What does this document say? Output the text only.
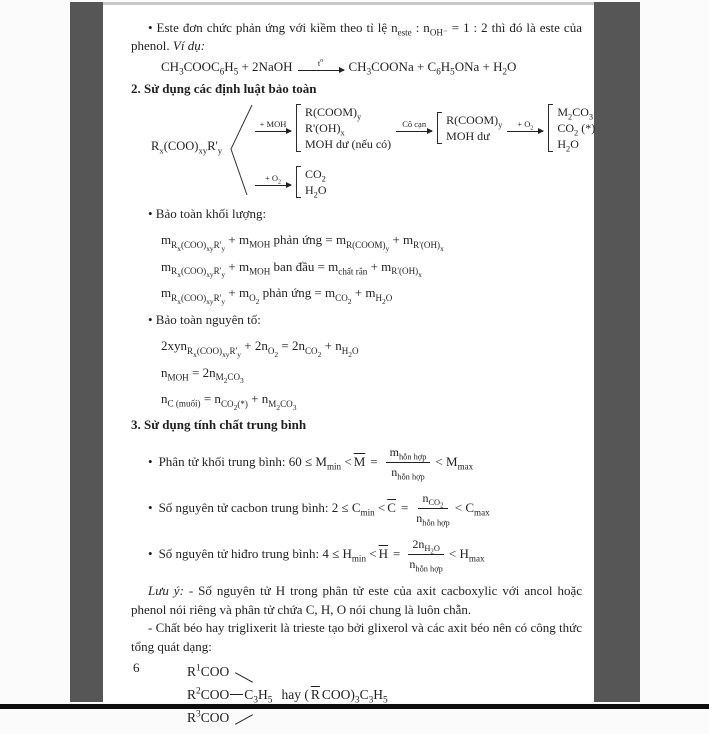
• Este đơn chức phản ứng với kiềm theo tỉ lệ $n_{este}$ : $n_{OH^-} = 1$ : 2 thì đó là este của phenol. Ví dụ:

$CH_3COOC_6H_5$ + 2NaOH	$t^o$ $CH_3COONa + C_6H_5ONa + H_2O$

2. Sử dụng các định luật bảo toàn

$R_x(COO)_{xy}R'_y$
+ MOH
$R(COOM)_y$
$R'(OH)_x$
MOH dư (nếu có)
Cô cạn $R(COOM)_y$
MOH dư
+ $O_2$
$M_2CO_3$
$CO_2$ (*)
$H_2O$
+ $O_2$
$CO_2$
$H_2O$

• Bảo toàn khối lượng:

$m_{R_x(COO)_{xy}R'_y} + m_{MOH}$ phản ứng = $m_{R(COOM)_y} + m_{R'(OH)_x}$

$m_{R_x(COO)_{xy}R'_y} + m_{MOH}$ ban đầu = $m_{chất rắn} + m_{R'(OH)_x}$

$m_{R_x(COO)_{xy}R'_y} + m_{O_2}$ phản ứng = $m_{CO_2} + m_{H_2O}$

• Bảo toàn nguyên tố:

$2xyn_{R_x(COO)_{xy}R'_y} + 2n_{O_2} = 2n_{CO_2} + n_{H_2O}$

$n_{MOH} = 2n_{M_2CO_3}$

$n_{C (muối)} = n_{CO_2(*)} + n_{M_2CO_3}$

3. Sử dụng tính chất trung bình

• Phân tử khối trung bình: $60 \le M_{min} < \overline{M} = \frac{m_{hỗn hợp}}{n_{hỗn hợp}} < M_{max}$
• Số nguyên tử cacbon trung bình: $2 \le C_{min} < \overline{C} = \frac{n_{CO_2}}{n_{hỗn hợp}} < C_{max}$
• Số nguyên tử hiđro trung bình: $4 \le H_{min} < \overline{H} = \frac{2n_{H_2O}}{n_{hỗn hợp}} < H_{max}$

Lưu ý: - Số nguyên tử H trong phân tử este của axit cacboxylic với ancol hoặc phenol nói riêng và phân tử chứa C, H, O nói chung là luôn chẵn.

- Chất béo hay triglixerit là trieste tạo bởi glixerol và các axit béo nên có công thức tổng quát dạng:

$R^1COO$
$R^2COO$ $C_3H_5$ hay ( $\overline{R}$ $COO)_3C_3H_5$
$R^3COO$
6
